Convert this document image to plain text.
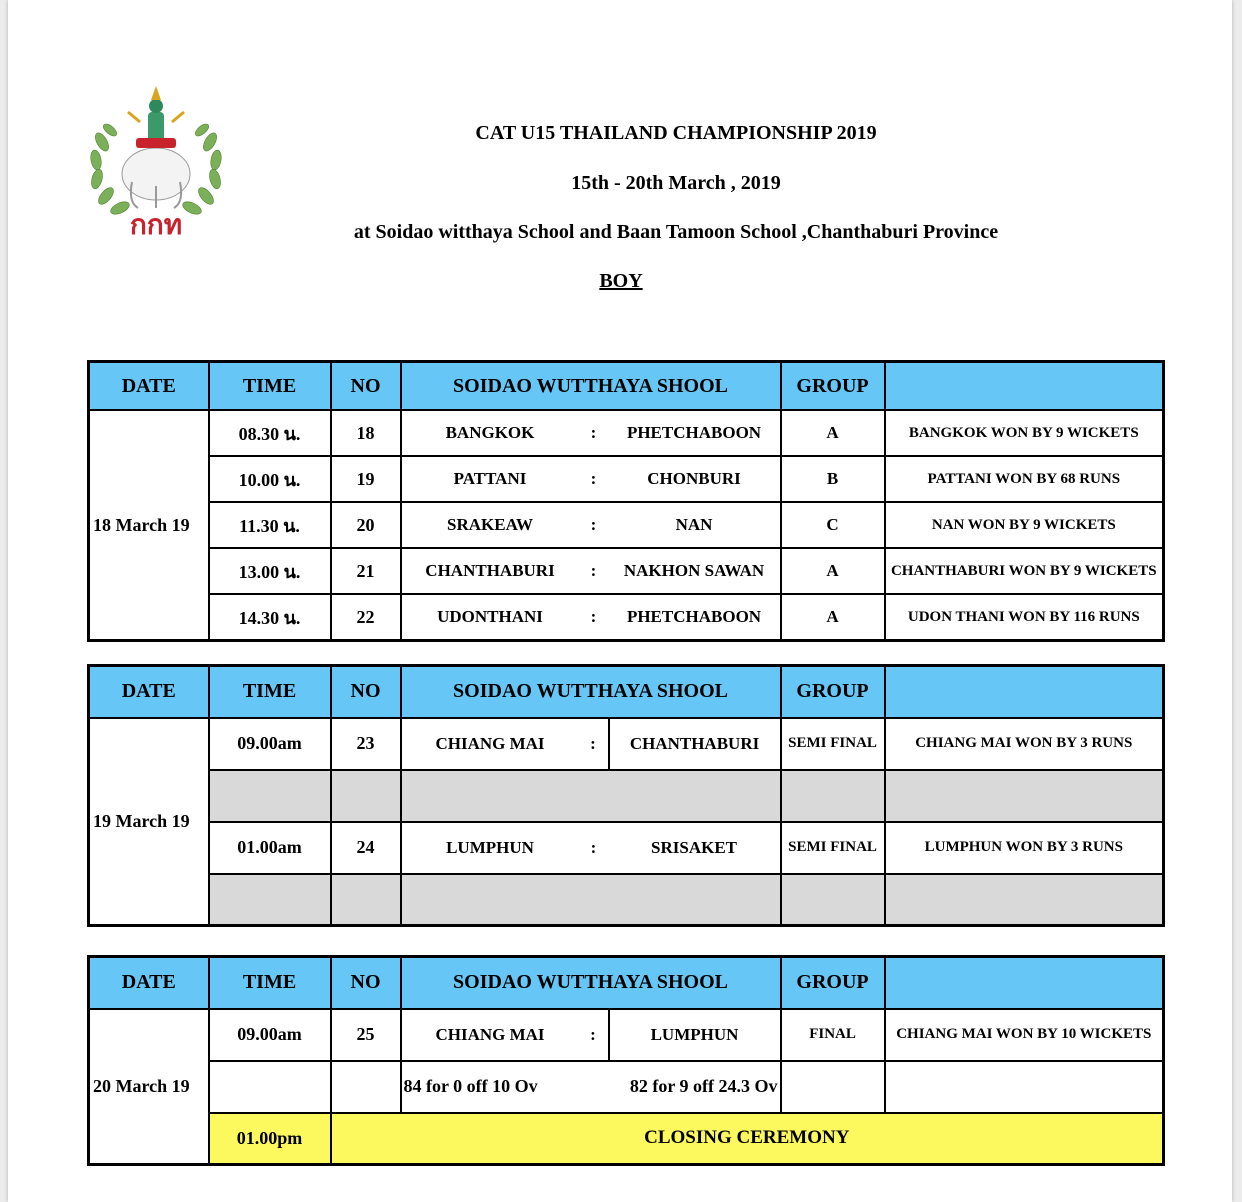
กกท
CAT U15 THAILAND CHAMPIONSHIP 2019
15th - 20th March , 2019
at Soidao witthaya School and Baan Tamoon School ,Chanthaburi Province
BOY
DATE	TIME	NO	SOIDAO WUTTHAYA SHOOL			GROUP	
18 March 19	08.30 น.	18	BANGKOK	:	PHETCHABOON	A	BANGKOK WON BY 9 WICKETS
	10.00 น.	19	PATTANI	:	CHONBURI	B	PATTANI WON BY 68 RUNS
	11.30 น.	20	SRAKEAW	:	NAN	C	NAN WON BY 9 WICKETS
	13.00 น.	21	CHANTHABURI	:	NAKHON SAWAN	A	CHANTHABURI WON BY 9 WICKETS
	14.30 น.	22	UDONTHANI	:	PHETCHABOON	A	UDON THANI WON BY 116 RUNS
DATE	TIME	NO	SOIDAO WUTTHAYA SHOOL			GROUP	
19 March 19	09.00am	23	CHIANG MAI	:	CHANTHABURI	SEMI FINAL	CHIANG MAI WON BY 3 RUNS

	01.00am	24	LUMPHUN	:	SRISAKET	SEMI FINAL	LUMPHUN WON BY 3 RUNS

DATE	TIME	NO	SOIDAO WUTTHAYA SHOOL			GROUP	
20 March 19	09.00am	25	CHIANG MAI	:	LUMPHUN	FINAL	CHIANG MAI WON BY 10 WICKETS
			84 for 0 off 10 Ov		82 for 9 off 24.3 Ov		
	01.00pm	CLOSING CEREMONY					
